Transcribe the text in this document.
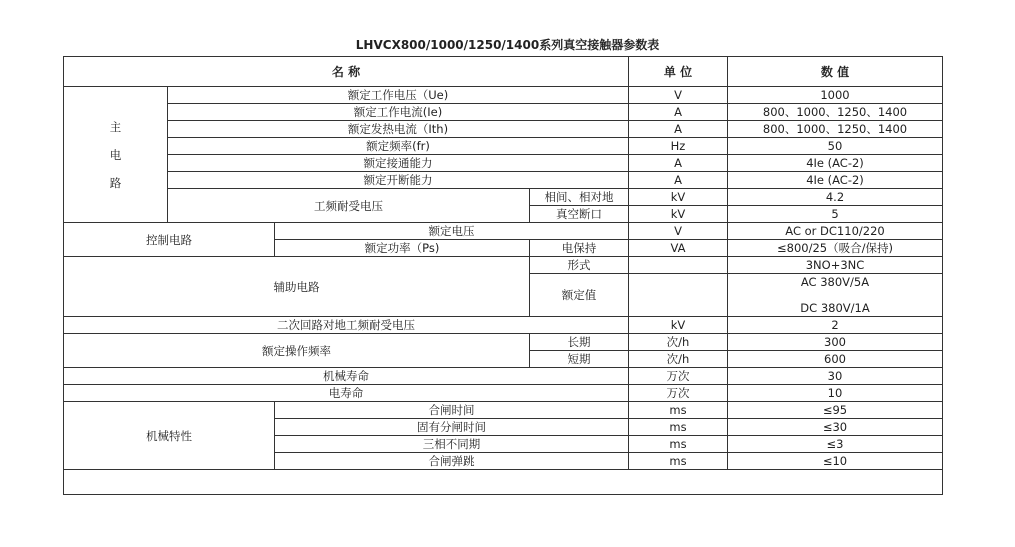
LHVCX800/1000/1250/1400系列真空接触器参数表
名 称				单 位	数 值

主
电
路	额定工作电压（Ue)			V	1000
	额定工作电流(Ie)			A	800、1000、1250、1400
	额定发热电流（Ith)			A	800、1000、1250、1400
	额定频率(fr)			Hz	50
	额定接通能力			A	4Ie (AC-2)
	额定开断能力			A	4Ie (AC-2)
	工频耐受电压		相间、相对地	kV	4.2
			真空断口	kV	5
控制电路		额定电压		V	AC or DC110/220
		额定功率（Ps)	电保持	VA	≤800/25（吸合/保持)
辅助电路			形式		3NO+3NC
			额定值		AC 380V/5A
DC 380V/1A

二次回路对地工频耐受电压				kV	2
额定操作频率			长期	次/h	300
			短期	次/h	600
机械寿命				万次	30
电寿命				万次	10
机械特性		合闸时间		ms	≤95
		固有分闸时间		ms	≤30
		三相不同期		ms	≤3
		合闸弹跳		ms	≤10
